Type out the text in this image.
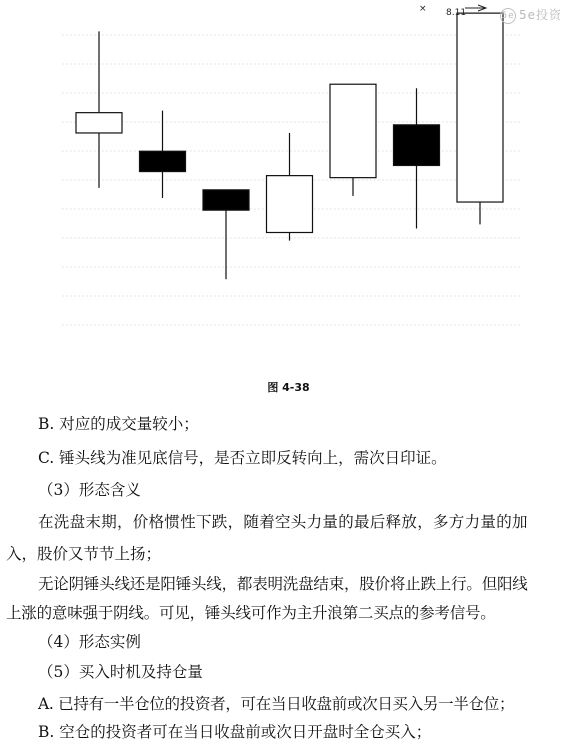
8.11
×
5e 5e投资
图 4-38

B. 对应的成交量较小；

C. 锤头线为准见底信号，是否立即反转向上，需次日印证。

（3）形态含义

在洗盘末期，价格惯性下跌，随着空头力量的最后释放，多方力量的加

入，股价又节节上扬；

无论阴锤头线还是阳锤头线，都表明洗盘结束，股价将止跌上行。但阳线

上涨的意味强于阴线。可见，锤头线可作为主升浪第二买点的参考信号。

（4）形态实例

（5）买入时机及持仓量

A. 已持有一半仓位的投资者，可在当日收盘前或次日买入另一半仓位；

B. 空仓的投资者可在当日收盘前或次日开盘时全仓买入；
